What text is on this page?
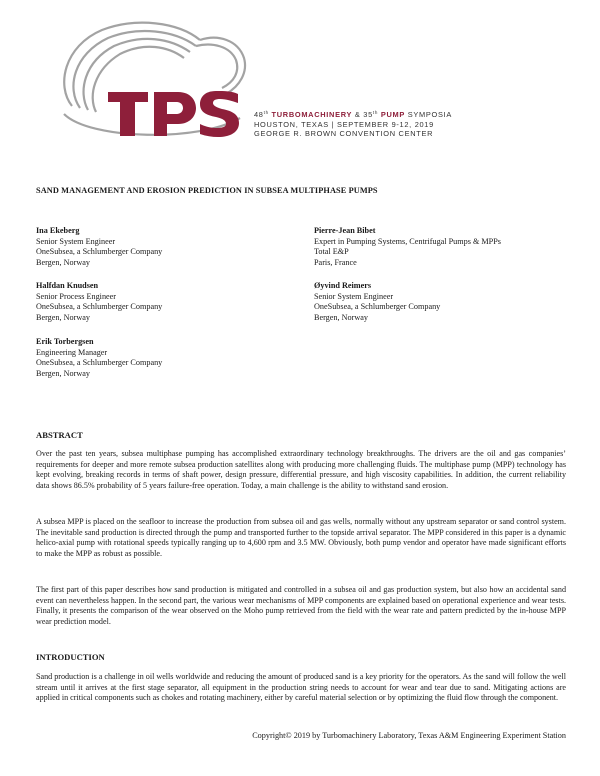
48th TURBOMACHINERY & 35th PUMP SYMPOSIA
HOUSTON, TEXAS | SEPTEMBER 9-12, 2019
GEORGE R. BROWN CONVENTION CENTER
SAND MANAGEMENT AND EROSION PREDICTION IN SUBSEA MULTIPHASE PUMPS
Ina Ekeberg
Senior System Engineer
OneSubsea, a Schlumberger Company
Bergen, Norway
Halfdan Knudsen
Senior Process Engineer
OneSubsea, a Schlumberger Company
Bergen, Norway
Erik Torbergsen
Engineering Manager
OneSubsea, a Schlumberger Company
Bergen, Norway
Pierre-Jean Bibet
Expert in Pumping Systems, Centrifugal Pumps & MPPs
Total E&P
Paris, France
Øyvind Reimers
Senior System Engineer
OneSubsea, a Schlumberger Company
Bergen, Norway
ABSTRACT
Over the past ten years, subsea multiphase pumping has accomplished extraordinary technology breakthroughs. The drivers are the oil and gas companies’ requirements for deeper and more remote subsea production satellites along with producing more challenging fluids. The multiphase pump (MPP) technology has kept evolving, breaking records in terms of shaft power, design pressure, differential pressure, and high viscosity capabilities. In addition, the current reliability data shows 86.5% probability of 5 years failure-free operation. Today, a main challenge is the ability to withstand sand erosion.
A subsea MPP is placed on the seafloor to increase the production from subsea oil and gas wells, normally without any upstream separator or sand control system. The inevitable sand production is directed through the pump and transported further to the topside arrival separator. The MPP considered in this paper is a dynamic helico-axial pump with rotational speeds typically ranging up to 4,600 rpm and 3.5 MW. Obviously, both pump vendor and operator have made significant efforts to make the MPP as robust as possible.
The first part of this paper describes how sand production is mitigated and controlled in a subsea oil and gas production system, but also how an accidental sand event can nevertheless happen. In the second part, the various wear mechanisms of MPP components are explained based on operational experience and wear tests. Finally, it presents the comparison of the wear observed on the Moho pump retrieved from the field with the wear rate and pattern predicted by the in-house MPP wear prediction model.
INTRODUCTION
Sand production is a challenge in oil wells worldwide and reducing the amount of produced sand is a key priority for the operators. As the sand will follow the well stream until it arrives at the first stage separator, all equipment in the production string needs to account for wear and tear due to sand. Mitigating actions are applied in critical components such as chokes and rotating machinery, either by careful material selection or by optimizing the fluid flow through the component.
Copyright© 2019 by Turbomachinery Laboratory, Texas A&M Engineering Experiment Station
